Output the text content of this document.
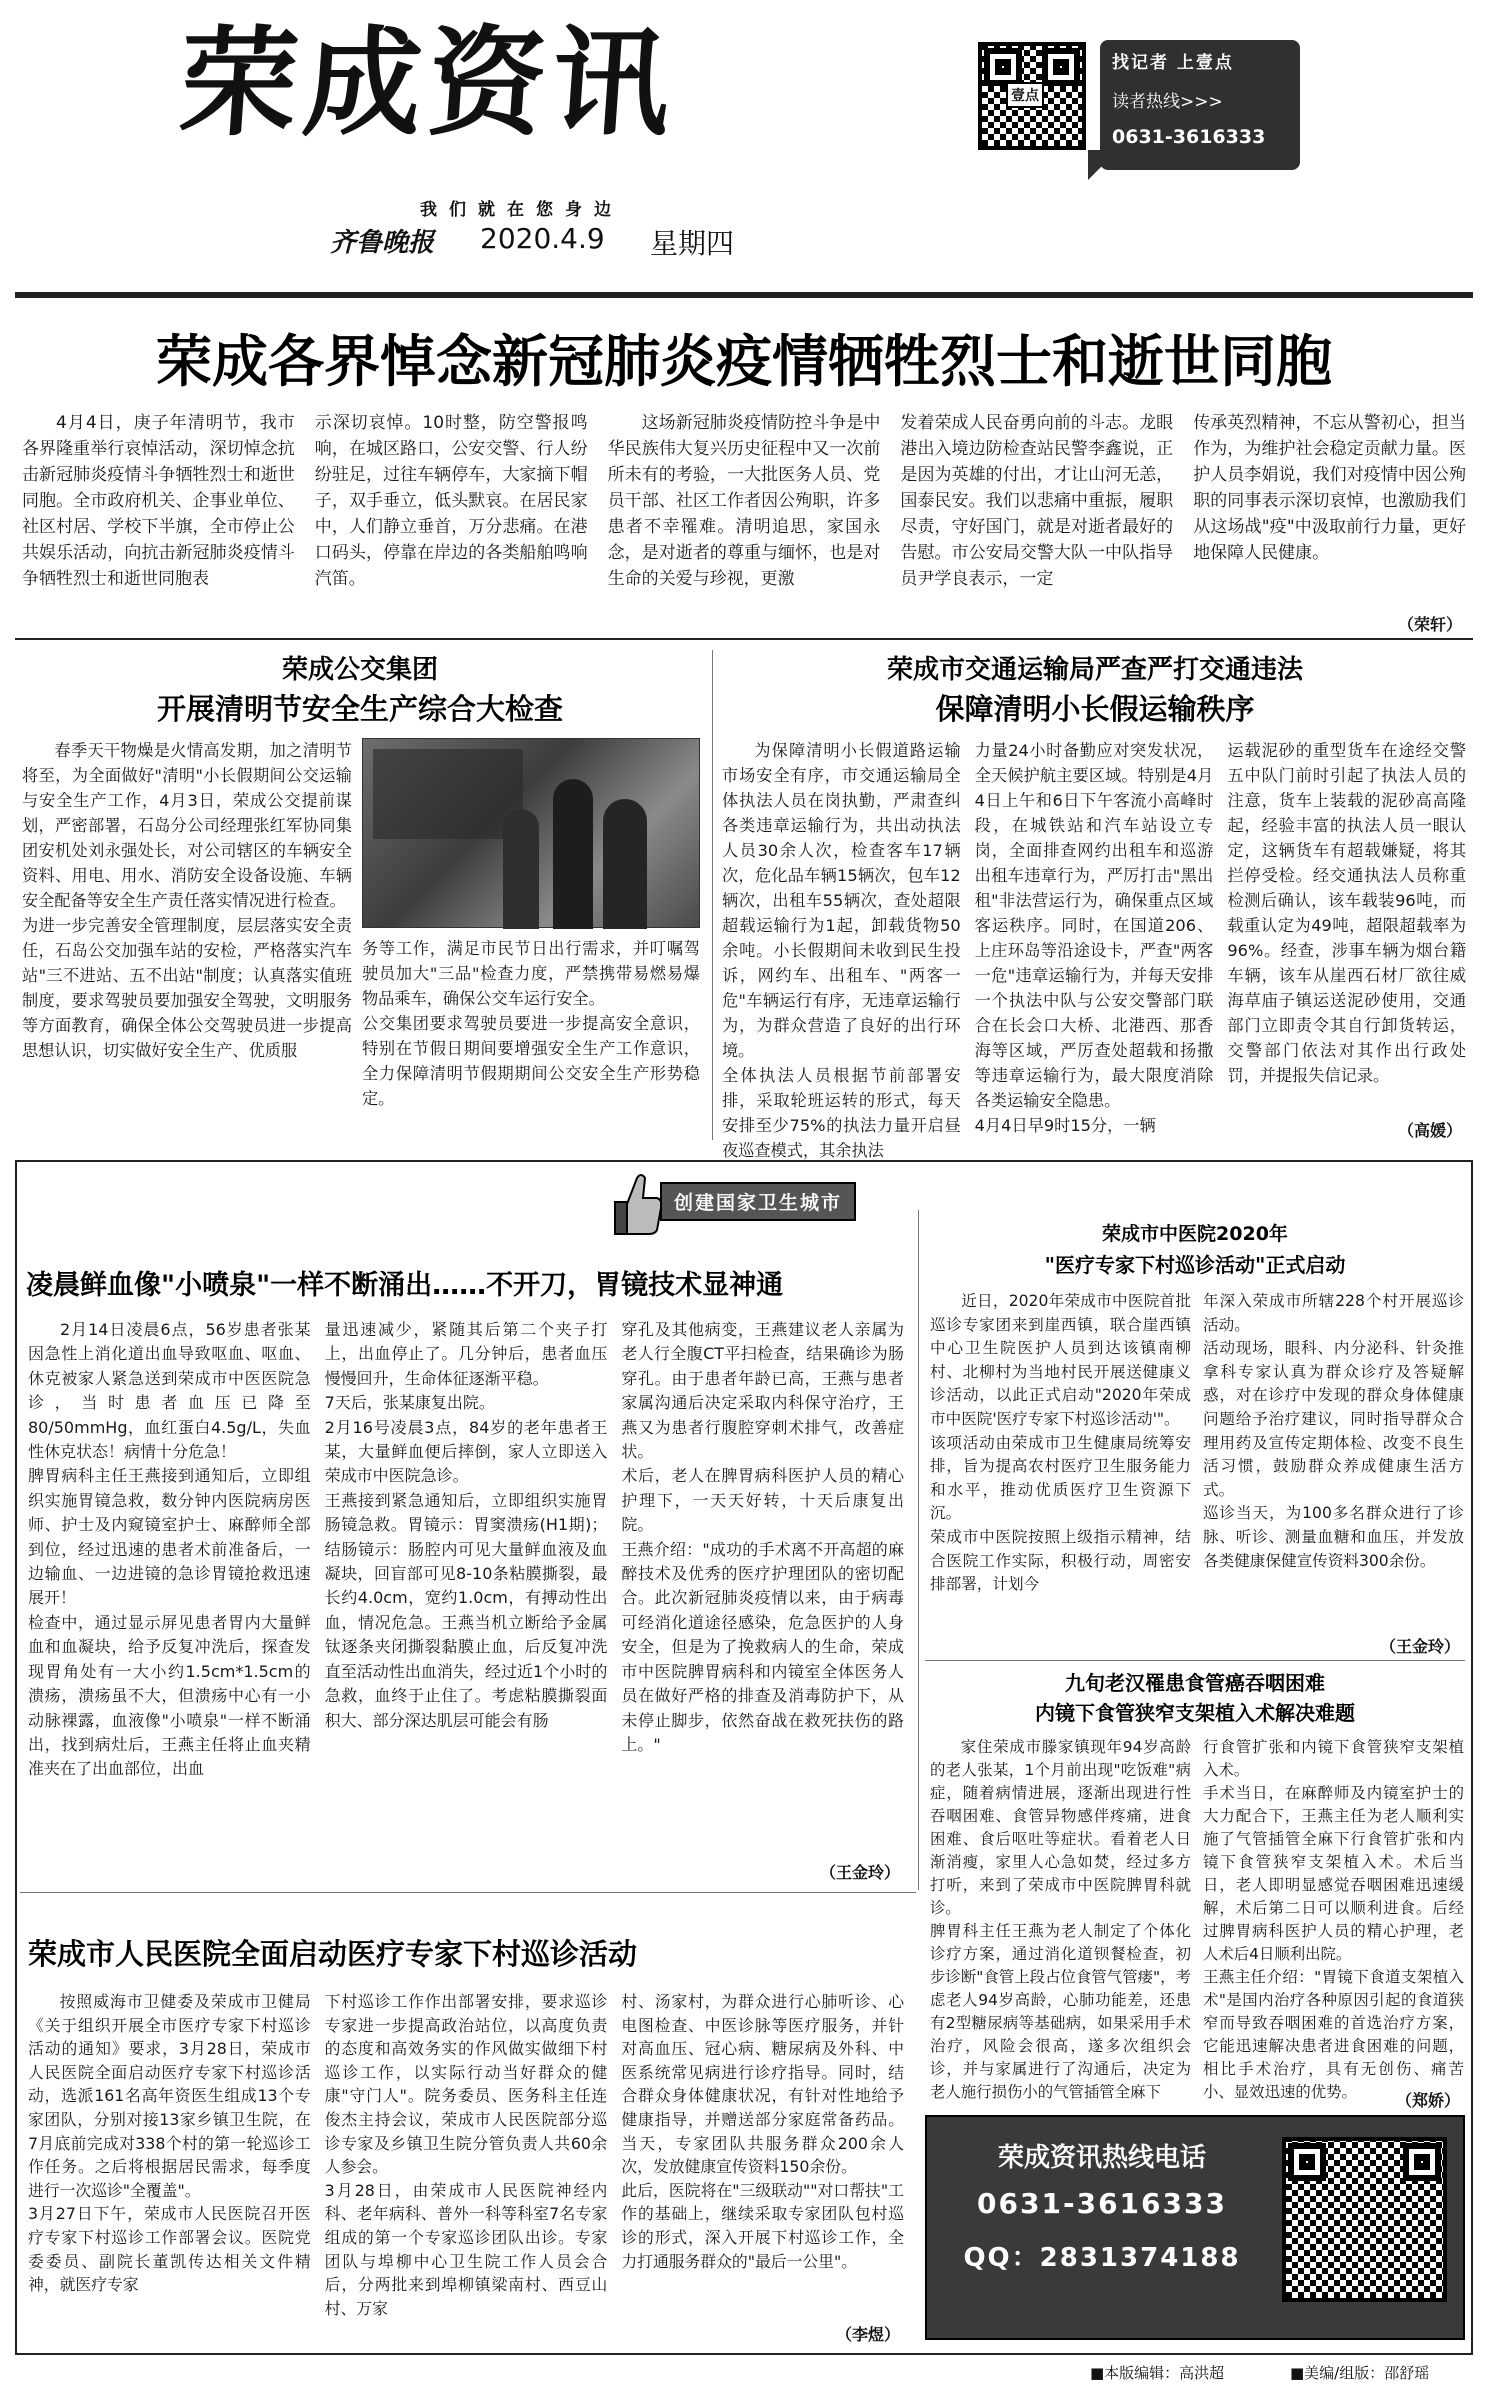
荣成资讯
我们就在您身边
齐鲁晚报 2020.4.9 星期四
壹点
找记者 上壹点
读者热线>>>
0631-3616333
荣成各界悼念新冠肺炎疫情牺牲烈士和逝世同胞
4月4日，庚子年清明节，我市各界隆重举行哀悼活动，深切悼念抗击新冠肺炎疫情斗争牺牲烈士和逝世同胞。全市政府机关、企事业单位、社区村居、学校下半旗，全市停止公共娱乐活动，向抗击新冠肺炎疫情斗争牺牲烈士和逝世同胞表
示深切哀悼。10时整，防空警报鸣响，在城区路口，公安交警、行人纷纷驻足，过往车辆停车，大家摘下帽子，双手垂立，低头默哀。在居民家中，人们静立垂首，万分悲痛。在港口码头，停靠在岸边的各类船舶鸣响汽笛。
这场新冠肺炎疫情防控斗争是中华民族伟大复兴历史征程中又一次前所未有的考验，一大批医务人员、党员干部、社区工作者因公殉职，许多患者不幸罹难。清明追思，家国永念，是对逝者的尊重与缅怀，也是对生命的关爱与珍视，更激
发着荣成人民奋勇向前的斗志。龙眼港出入境边防检查站民警李鑫说，正是因为英雄的付出，才让山河无恙，国泰民安。我们以悲痛中重振，履职尽责，守好国门，就是对逝者最好的告慰。市公安局交警大队一中队指导员尹学良表示，一定
传承英烈精神，不忘从警初心，担当作为，为维护社会稳定贡献力量。医护人员李娟说，我们对疫情中因公殉职的同事表示深切哀悼，也激励我们从这场战"疫"中汲取前行力量，更好地保障人民健康。
（荣轩）
荣成公交集团
开展清明节安全生产综合大检查
春季天干物燥是火情高发期，加之清明节将至，为全面做好"清明"小长假期间公交运输与安全生产工作，4月3日，荣成公交提前谋划，严密部署，石岛分公司经理张红军协同集团安机处刘永强处长，对公司辖区的车辆安全资料、用电、用水、消防安全设备设施、车辆安全配备等安全生产责任落实情况进行检查。
为进一步完善安全管理制度，层层落实安全责任，石岛公交加强车站的安检，严格落实汽车站"三不进站、五不出站"制度；认真落实值班制度，要求驾驶员要加强安全驾驶，文明服务等方面教育，确保全体公交驾驶员进一步提高思想认识，切实做好安全生产、优质服
务等工作，满足市民节日出行需求，并叮嘱驾驶员加大"三品"检查力度，严禁携带易燃易爆物品乘车，确保公交车运行安全。
公交集团要求驾驶员要进一步提高安全意识，特别在节假日期间要增强安全生产工作意识，全力保障清明节假期期间公交安全生产形势稳定。
荣成市交通运输局严查严打交通违法
保障清明小长假运输秩序
为保障清明小长假道路运输市场安全有序，市交通运输局全体执法人员在岗执勤，严肃查纠各类违章运输行为，共出动执法人员30余人次，检查客车17辆次，危化品车辆15辆次，包车12辆次，出租车55辆次，查处超限超载运输行为1起，卸载货物50余吨。小长假期间未收到民生投诉，网约车、出租车、"两客一危"车辆运行有序，无违章运输行为，为群众营造了良好的出行环境。
全体执法人员根据节前部署安排，采取轮班运转的形式，每天安排至少75%的执法力量开启昼夜巡查模式，其余执法
力量24小时备勤应对突发状况，全天候护航主要区域。特别是4月4日上午和6日下午客流小高峰时段，在城铁站和汽车站设立专岗，全面排查网约出租车和巡游出租车违章行为，严厉打击"黑出租"非法营运行为，确保重点区域客运秩序。同时，在国道206、上庄环岛等沿途设卡，严查"两客一危"违章运输行为，并每天安排一个执法中队与公安交警部门联合在长会口大桥、北港西、那香海等区域，严厉查处超载和扬撒等违章运输行为，最大限度消除各类运输安全隐患。
4月4日早9时15分，一辆
运载泥砂的重型货车在途经交警五中队门前时引起了执法人员的注意，货车上装载的泥砂高高隆起，经验丰富的执法人员一眼认定，这辆货车有超载嫌疑，将其拦停受检。经交通执法人员称重检测后确认，该车载装96吨，而载重认定为49吨，超限超载率为96%。经查，涉事车辆为烟台籍车辆，该车从崖西石材厂欲往威海草庙子镇运送泥砂使用，交通部门立即责令其自行卸货转运，交警部门依法对其作出行政处罚，并提报失信记录。
（高媛）
创建国家卫生城市
凌晨鲜血像"小喷泉"一样不断涌出……不开刀，胃镜技术显神通
2月14日凌晨6点，56岁患者张某因急性上消化道出血导致呕血、呕血、休克被家人紧急送到荣成市中医医院急诊，当时患者血压已降至80/50mmHg，血红蛋白4.5g/L，失血性休克状态！病情十分危急！
脾胃病科主任王燕接到通知后，立即组织实施胃镜急救，数分钟内医院病房医师、护士及内窥镜室护士、麻醉师全部到位，经过迅速的患者术前准备后，一边输血、一边进镜的急诊胃镜抢救迅速展开！
检查中，通过显示屏见患者胃内大量鲜血和血凝块，给予反复冲洗后，探查发现胃角处有一大小约1.5cm*1.5cm的溃疡，溃疡虽不大，但溃疡中心有一小动脉裸露，血液像"小喷泉"一样不断涌出，找到病灶后，王燕主任将止血夹精准夹在了出血部位，出血
量迅速减少，紧随其后第二个夹子打上，出血停止了。几分钟后，患者血压慢慢回升，生命体征逐渐平稳。
7天后，张某康复出院。
2月16号凌晨3点，84岁的老年患者王某，大量鲜血便后摔倒，家人立即送入荣成市中医院急诊。
王燕接到紧急通知后，立即组织实施胃肠镜急救。胃镜示：胃窦溃疡(H1期)；结肠镜示：肠腔内可见大量鲜血液及血凝块，回盲部可见8-10条粘膜撕裂，最长约4.0cm，宽约1.0cm，有搏动性出血，情况危急。王燕当机立断给予金属钛逐条夹闭撕裂黏膜止血，后反复冲洗直至活动性出血消失，经过近1个小时的急救，血终于止住了。考虑粘膜撕裂面积大、部分深达肌层可能会有肠
穿孔及其他病变，王燕建议老人亲属为老人行全腹CT平扫检查，结果确诊为肠穿孔。由于患者年龄已高，王燕与患者家属沟通后决定采取内科保守治疗，王燕又为患者行腹腔穿刺术排气，改善症状。
术后，老人在脾胃病科医护人员的精心护理下，一天天好转，十天后康复出院。
王燕介绍："成功的手术离不开高超的麻醉技术及优秀的医疗护理团队的密切配合。此次新冠肺炎疫情以来，由于病毒可经消化道途径感染，危急医护的人身安全，但是为了挽救病人的生命，荣成市中医院脾胃病科和内镜室全体医务人员在做好严格的排查及消毒防护下，从未停止脚步，依然奋战在救死扶伤的路上。"
（王金玲）
荣成市中医院2020年
"医疗专家下村巡诊活动"正式启动
近日，2020年荣成市中医院首批巡诊专家团来到崖西镇，联合崖西镇中心卫生院医护人员到达该镇南柳村、北柳村为当地村民开展送健康义诊活动，以此正式启动"2020年荣成市中医院'医疗专家下村巡诊活动'"。
该项活动由荣成市卫生健康局统筹安排，旨为提高农村医疗卫生服务能力和水平，推动优质医疗卫生资源下沉。
荣成市中医院按照上级指示精神，结合医院工作实际，积极行动，周密安排部署，计划今
年深入荣成市所辖228个村开展巡诊活动。
活动现场，眼科、内分泌科、针灸推拿科专家认真为群众诊疗及答疑解惑，对在诊疗中发现的群众身体健康问题给予治疗建议，同时指导群众合理用药及宣传定期体检、改变不良生活习惯，鼓励群众养成健康生活方式。
巡诊当天，为100多名群众进行了诊脉、听诊、测量血糖和血压，并发放各类健康保健宣传资料300余份。
（王金玲）
九旬老汉罹患食管癌吞咽困难
内镜下食管狭窄支架植入术解决难题
家住荣成市滕家镇现年94岁高龄的老人张某，1个月前出现"吃饭难"病症，随着病情进展，逐渐出现进行性吞咽困难、食管异物感伴疼痛，进食困难、食后呕吐等症状。看着老人日渐消瘦，家里人心急如焚，经过多方打听，来到了荣成市中医院脾胃科就诊。
脾胃科主任王燕为老人制定了个体化诊疗方案，通过消化道钡餐检查，初步诊断"食管上段占位食管气管瘘"，考虑老人94岁高龄，心肺功能差，还患有2型糖尿病等基础病，如果采用手术治疗，风险会很高，遂多次组织会诊，并与家属进行了沟通后，决定为老人施行损伤小的气管插管全麻下
行食管扩张和内镜下食管狭窄支架植入术。
手术当日，在麻醉师及内镜室护士的大力配合下，王燕主任为老人顺利实施了气管插管全麻下行食管扩张和内镜下食管狭窄支架植入术。术后当日，老人即明显感觉吞咽困难迅速缓解，术后第二日可以顺利进食。后经过脾胃病科医护人员的精心护理，老人术后4日顺利出院。
王燕主任介绍："胃镜下食道支架植入术"是国内治疗各种原因引起的食道狭窄而导致吞咽困难的首选治疗方案，它能迅速解决患者进食困难的问题，相比手术治疗，具有无创伤、痛苦小、显效迅速的优势。	（郑娇）
荣成市人民医院全面启动医疗专家下村巡诊活动
按照威海市卫健委及荣成市卫健局《关于组织开展全市医疗专家下村巡诊活动的通知》要求，3月28日，荣成市人民医院全面启动医疗专家下村巡诊活动，选派161名高年资医生组成13个专家团队，分别对接13家乡镇卫生院，在7月底前完成对338个村的第一轮巡诊工作任务。之后将根据居民需求，每季度进行一次巡诊"全覆盖"。
3月27日下午，荣成市人民医院召开医疗专家下村巡诊工作部署会议。医院党委委员、副院长董凯传达相关文件精神，就医疗专家
下村巡诊工作作出部署安排，要求巡诊专家进一步提高政治站位，以高度负责的态度和高效务实的作风做实做细下村巡诊工作，以实际行动当好群众的健康"守门人"。院务委员、医务科主任连俊杰主持会议，荣成市人民医院部分巡诊专家及乡镇卫生院分管负责人共60余人参会。
3月28日，由荣成市人民医院神经内科、老年病科、普外一科等科室7名专家组成的第一个专家巡诊团队出诊。专家团队与埠柳中心卫生院工作人员会合后，分两批来到埠柳镇梁南村、西豆山村、万家
村、汤家村，为群众进行心肺听诊、心电图检查、中医诊脉等医疗服务，并针对高血压、冠心病、糖尿病及外科、中医系统常见病进行诊疗指导。同时，结合群众身体健康状况，有针对性地给予健康指导，并赠送部分家庭常备药品。当天，专家团队共服务群众200余人次，发放健康宣传资料150余份。
此后，医院将在"三级联动""对口帮扶"工作的基础上，继续采取专家团队包村巡诊的形式，深入开展下村巡诊工作，全力打通服务群众的"最后一公里"。
（李煜）
荣成资讯热线电话
0631-3616333
QQ：2831374188
■本版编辑：高洪超	■美编/组版：邵舒瑶
